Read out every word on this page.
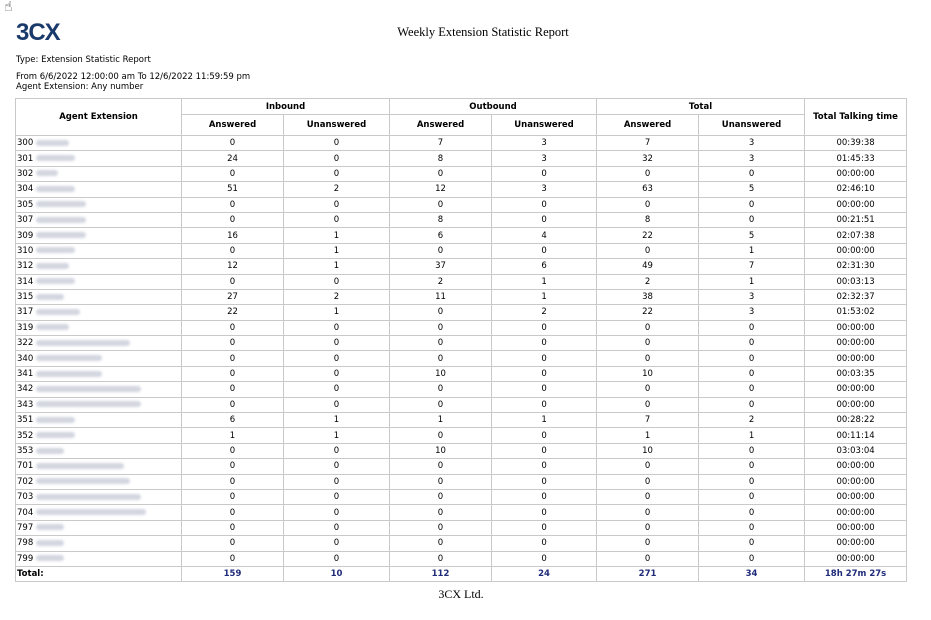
☝
3CX	Weekly Extension Statistic Report
Type: Extension Statistic Report
From 6/6/2022 12:00:00 am To 12/6/2022 11:59:59 pm
Agent Extension: Any number
Agent Extension	Inbound		Outbound		Total		Total Talking time
	Answered	Unanswered	Answered	Unanswered	Answered	Unanswered	
300	0	0	7	3	7	3	00:39:38
301	24	0	8	3	32	3	01:45:33
302	0	0	0	0	0	0	00:00:00
304	51	2	12	3	63	5	02:46:10
305	0	0	0	0	0	0	00:00:00
307	0	0	8	0	8	0	00:21:51
309	16	1	6	4	22	5	02:07:38
310	0	1	0	0	0	1	00:00:00
312	12	1	37	6	49	7	02:31:30
314	0	0	2	1	2	1	00:03:13
315	27	2	11	1	38	3	02:32:37
317	22	1	0	2	22	3	01:53:02
319	0	0	0	0	0	0	00:00:00
322	0	0	0	0	0	0	00:00:00
340	0	0	0	0	0	0	00:00:00
341	0	0	10	0	10	0	00:03:35
342	0	0	0	0	0	0	00:00:00
343	0	0	0	0	0	0	00:00:00
351	6	1	1	1	7	2	00:28:22
352	1	1	0	0	1	1	00:11:14
353	0	0	10	0	10	0	03:03:04
701	0	0	0	0	0	0	00:00:00
702	0	0	0	0	0	0	00:00:00
703	0	0	0	0	0	0	00:00:00
704	0	0	0	0	0	0	00:00:00
797	0	0	0	0	0	0	00:00:00
798	0	0	0	0	0	0	00:00:00
799	0	0	0	0	0	0	00:00:00
Total:	159	10	112	24	271	34	18h 27m 27s
3CX Ltd.
